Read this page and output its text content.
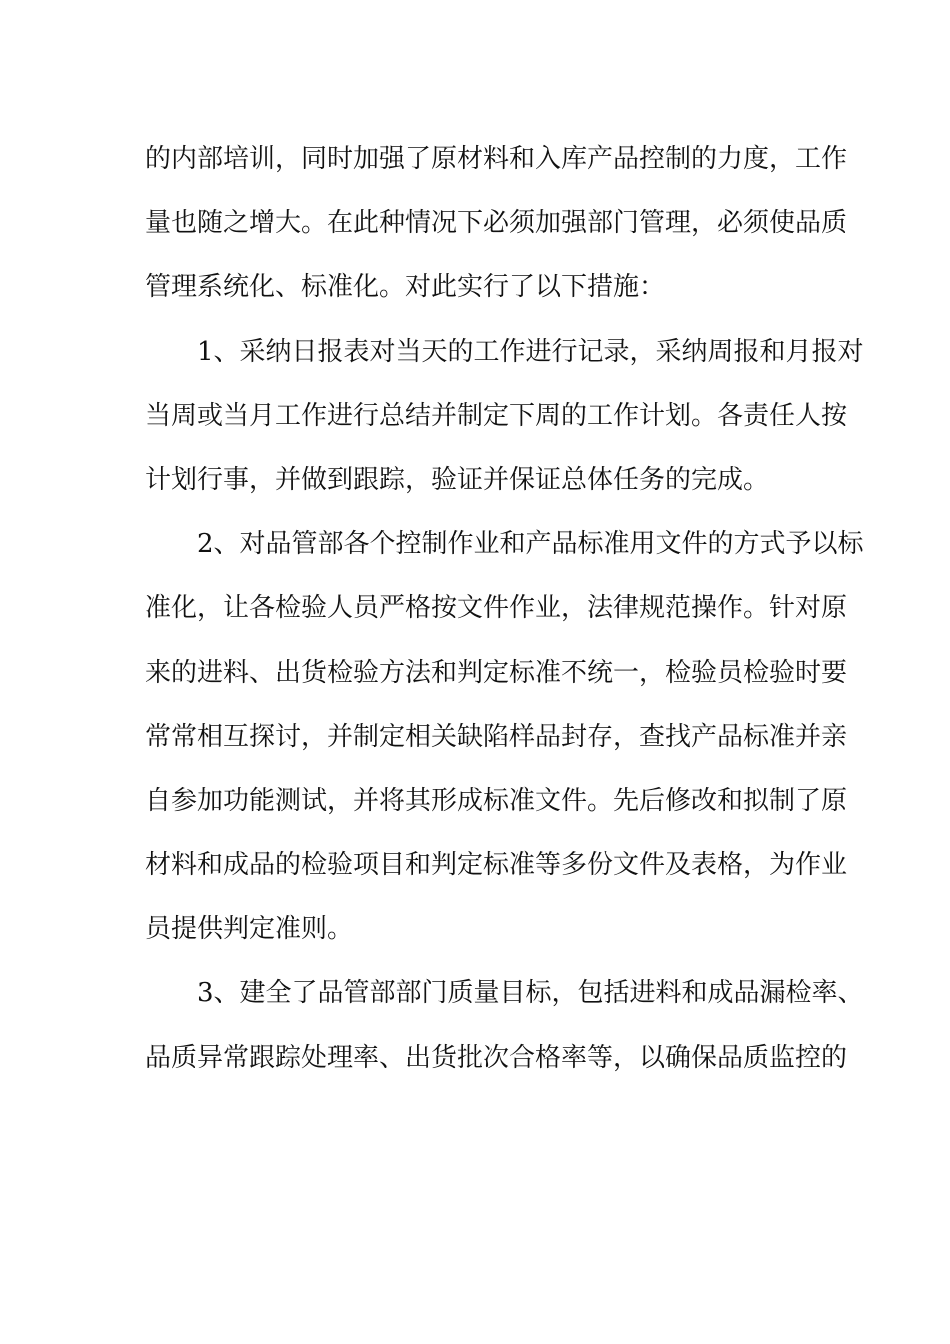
的内部培训，同时加强了原材料和入库产品控制的力度，工作
量也随之增大。在此种情况下必须加强部门管理，必须使品质
管理系统化、标准化。对此实行了以下措施：
1、采纳日报表对当天的工作进行记录，采纳周报和月报对
当周或当月工作进行总结并制定下周的工作计划。各责任人按
计划行事，并做到跟踪，验证并保证总体任务的完成。
2、对品管部各个控制作业和产品标准用文件的方式予以标
准化，让各检验人员严格按文件作业，法律规范操作。针对原
来的进料、出货检验方法和判定标准不统一，检验员检验时要
常常相互探讨，并制定相关缺陷样品封存，查找产品标准并亲
自参加功能测试，并将其形成标准文件。先后修改和拟制了原
材料和成品的检验项目和判定标准等多份文件及表格，为作业
员提供判定准则。
3、建全了品管部部门质量目标，包括进料和成品漏检率、
品质异常跟踪处理率、出货批次合格率等，以确保品质监控的
